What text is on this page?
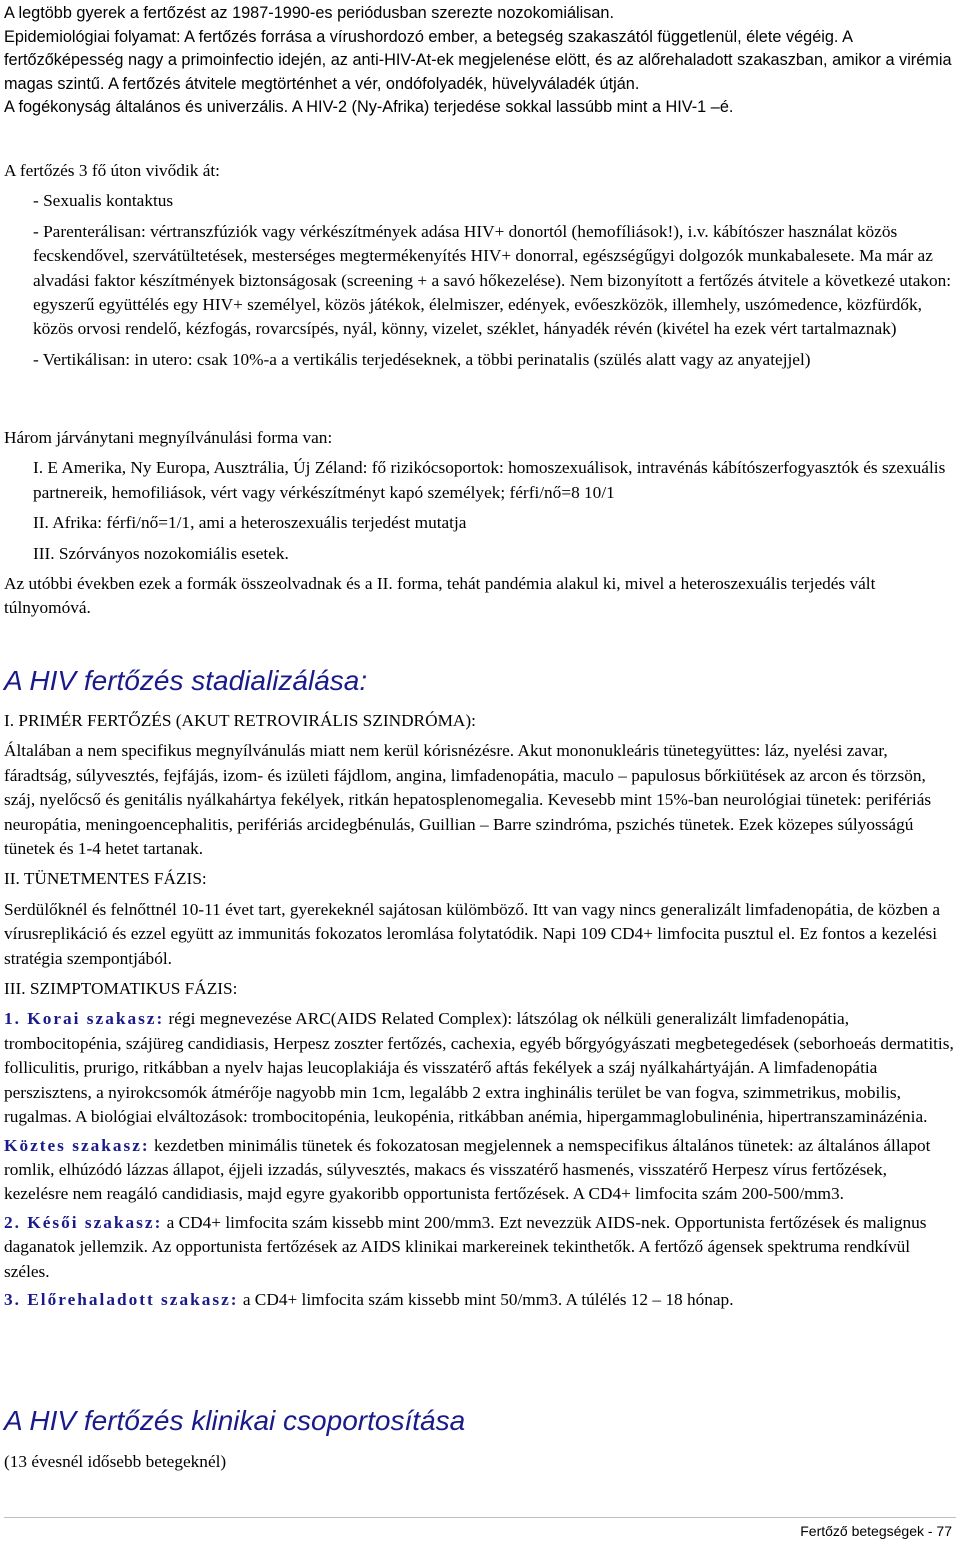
A legtöbb gyerek a fertőzést az 1987-1990-es periódusban szerezte nozokomiálisan.

Epidemiológiai folyamat: A fertőzés forrása a vírushordozó ember, a betegség szakaszától függetlenül, élete végéig. A fertőzőképesség nagy a primoinfectio idején, az anti-HIV-At-ek megjelenése elött, és az alőrehaladott szakaszban, amikor a virémia magas szintű. A fertőzés átvitele megtörténhet a vér, ondófolyadék, hüvelyváladék útján.

A fogékonyság általános és univerzális. A HIV-2 (Ny-Afrika) terjedése sokkal lassúbb mint a HIV-1 –é.

A fertőzés 3 fő úton vivődik át:

- Sexualis kontaktus

- Parenterálisan: vértranszfúziók vagy vérkészítmények adása HIV+ donortól (hemofíliások!), i.v. kábítószer használat közös fecskendővel, szervátültetések, mesterséges megtermékenyítés HIV+ donorral, egészségűgyi dolgozók munkabalesete. Ma már az alvadási faktor készítmények biztonságosak (screening + a savó hőkezelése). Nem bizonyított a fertőzés átvitele a következé utakon: egyszerű együttélés egy HIV+ személyel, közös játékok, élelmiszer, edények, evőeszközök, illemhely, uszómedence, közfürdők, közös orvosi rendelő, kézfogás, rovarcsípés, nyál, könny, vizelet, széklet, hányadék révén (kivétel ha ezek vért tartalmaznak)

- Vertikálisan: in utero: csak 10%-a a vertikális terjedéseknek, a többi perinatalis (szülés alatt vagy az anyatejjel)

Három járványtani megnyílvánulási forma van:

I. E Amerika, Ny Europa, Ausztrália, Új Zéland: fő rizikócsoportok: homoszexuálisok, intravénás kábítószerfogyasztók és szexuális partnereik, hemofiliások, vért vagy vérkészítményt kapó személyek; férfi/nő=8 10/1

II. Afrika: férfi/nő=1/1, ami a heteroszexuális terjedést mutatja

III. Szórványos nozokomiális esetek.

Az utóbbi években ezek a formák összeolvadnak és a II. forma, tehát pandémia alakul ki, mivel a heteroszexuális terjedés vált túlnyomóvá.

A HIV fertőzés stadializálása:

I. PRIMÉR FERTŐZÉS (AKUT RETROVIRÁLIS SZINDRÓMA):

Általában a nem specifikus megnyílvánulás miatt nem kerül kórisnézésre. Akut mononukleáris tünetegyüttes: láz, nyelési zavar, fáradtság, súlyvesztés, fejfájás, izom- és izületi fájdlom, angina, limfadenopátia, maculo – papulosus bőrkiütések az arcon és törzsön, száj, nyelőcső és genitális nyálkahártya fekélyek, ritkán hepatosplenomegalia. Kevesebb mint 15%-ban neurológiai tünetek: perifériás neuropátia, meningoencephalitis, perifériás arcidegbénulás, Guillian – Barre szindróma, pszichés tünetek. Ezek közepes súlyosságú tünetek és 1-4 hetet tartanak.

II. TÜNETMENTES FÁZIS:

Serdülőknél és felnőttnél 10-11 évet tart, gyerekeknél sajátosan külömböző. Itt van vagy nincs generalizált limfadenopátia, de közben a vírusreplikáció és ezzel együtt az immunitás fokozatos leromlása folytatódik. Napi 109 CD4+ limfocita pusztul el. Ez fontos a kezelési stratégia szempontjából.

III. SZIMPTOMATIKUS FÁZIS:

1. Korai szakasz: régi megnevezése ARC(AIDS Related Complex): látszólag ok nélküli generalizált limfadenopátia, trombocitopénia, szájüreg candidiasis, Herpesz zoszter fertőzés, cachexia, egyéb bőrgyógyászati megbetegedések (seborhoeás dermatitis, folliculitis, prurigo, ritkábban a nyelv hajas leucoplakiája és visszatérő aftás fekélyek a száj nyálkahártyáján. A limfadenopátia perszisztens, a nyirokcsomók átmérője nagyobb min 1cm, legalább 2 extra inghinális terület be van fogva, szimmetrikus, mobilis, rugalmas. A biológiai elváltozások: trombocitopénia, leukopénia, ritkábban anémia, hipergammaglobulinénia, hipertranszaminázénia.

Köztes szakasz: kezdetben minimális tünetek és fokozatosan megjelennek a nemspecifikus általános tünetek: az általános állapot romlik, elhúzódó lázzas állapot, éjjeli izzadás, súlyvesztés, makacs és visszatérő hasmenés, visszatérő Herpesz vírus fertőzések, kezelésre nem reagáló candidiasis, majd egyre gyakoribb opportunista fertőzések. A CD4+ limfocita szám 200-500/mm3.

2. Késői szakasz: a CD4+ limfocita szám kissebb mint 200/mm3. Ezt nevezzük AIDS-nek. Opportunista fertőzések és malignus daganatok jellemzik. Az opportunista fertőzések az AIDS klinikai markereinek tekinthetők. A fertőző ágensek spektruma rendkívül széles.

3. Előrehaladott szakasz: a CD4+ limfocita szám kissebb mint 50/mm3. A túlélés 12 – 18 hónap.

A HIV fertőzés klinikai csoportosítása

(13 évesnél idősebb betegeknél)

Fertőző betegségek - 77
